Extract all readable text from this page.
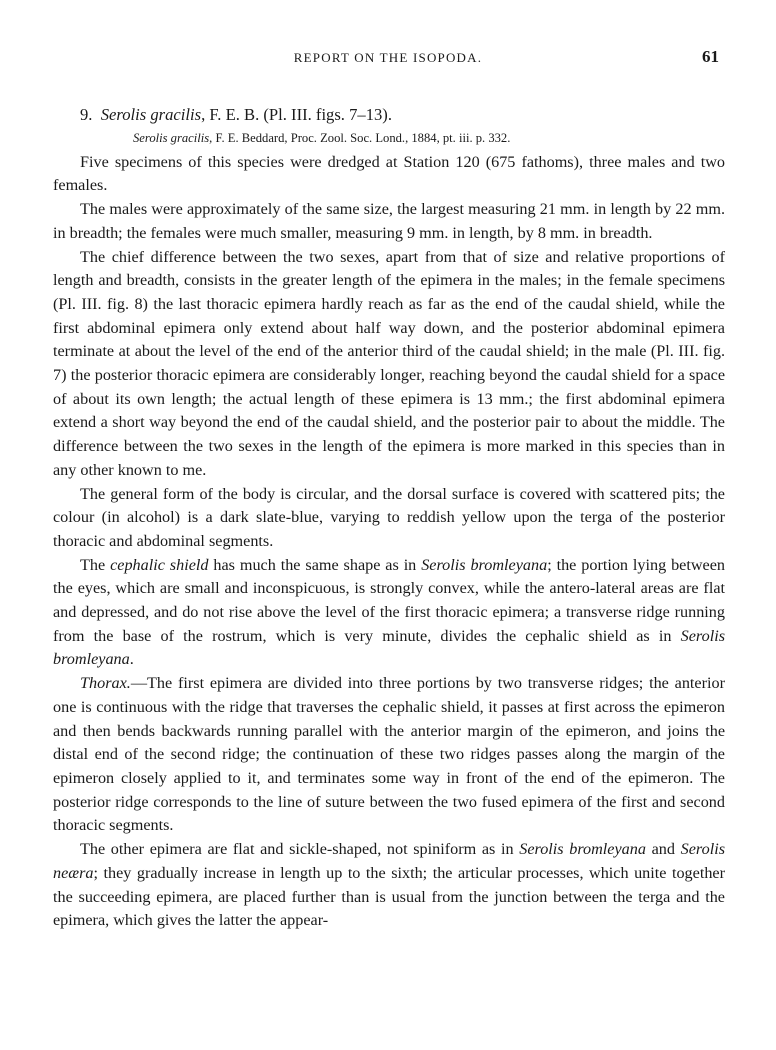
REPORT ON THE ISOPODA.	61
9. Serolis gracilis, F. E. B. (Pl. III. figs. 7–13).
Serolis gracilis, F. E. Beddard, Proc. Zool. Soc. Lond., 1884, pt. iii. p. 332.

Five specimens of this species were dredged at Station 120 (675 fathoms), three males and two females.

The males were approximately of the same size, the largest measuring 21 mm. in length by 22 mm. in breadth; the females were much smaller, measuring 9 mm. in length, by 8 mm. in breadth.

The chief difference between the two sexes, apart from that of size and relative proportions of length and breadth, consists in the greater length of the epimera in the males; in the female specimens (Pl. III. fig. 8) the last thoracic epimera hardly reach as far as the end of the caudal shield, while the first abdominal epimera only extend about half way down, and the posterior abdominal epimera terminate at about the level of the end of the anterior third of the caudal shield; in the male (Pl. III. fig. 7) the posterior thoracic epimera are considerably longer, reaching beyond the caudal shield for a space of about its own length; the actual length of these epimera is 13 mm.; the first abdominal epimera extend a short way beyond the end of the caudal shield, and the posterior pair to about the middle. The difference between the two sexes in the length of the epimera is more marked in this species than in any other known to me.

The general form of the body is circular, and the dorsal surface is covered with scattered pits; the colour (in alcohol) is a dark slate-blue, varying to reddish yellow upon the terga of the posterior thoracic and abdominal segments.

The cephalic shield has much the same shape as in Serolis bromleyana; the portion lying between the eyes, which are small and inconspicuous, is strongly convex, while the antero-lateral areas are flat and depressed, and do not rise above the level of the first thoracic epimera; a transverse ridge running from the base of the rostrum, which is very minute, divides the cephalic shield as in Serolis bromleyana.

Thorax.—The first epimera are divided into three portions by two transverse ridges; the anterior one is continuous with the ridge that traverses the cephalic shield, it passes at first across the epimeron and then bends backwards running parallel with the anterior margin of the epimeron, and joins the distal end of the second ridge; the continuation of these two ridges passes along the margin of the epimeron closely applied to it, and terminates some way in front of the end of the epimeron. The posterior ridge corresponds to the line of suture between the two fused epimera of the first and second thoracic segments.

The other epimera are flat and sickle-shaped, not spiniform as in Serolis bromleyana and Serolis neæra; they gradually increase in length up to the sixth; the articular processes, which unite together the succeeding epimera, are placed further than is usual from the junction between the terga and the epimera, which gives the latter the appear-
